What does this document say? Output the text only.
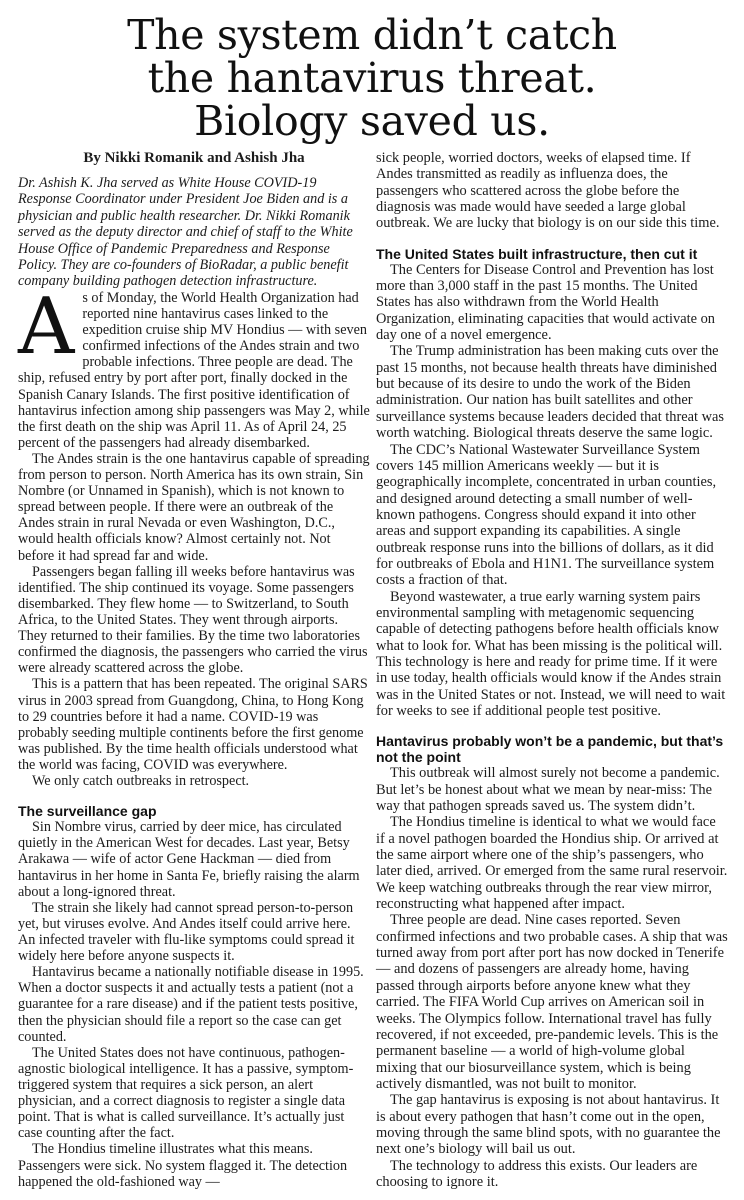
The system didn’t catch
the hantavirus threat.
Biology saved us.
By Nikki Romanik and Ashish Jha

Dr. Ashish K. Jha served as White House COVID-19 Response Coordinator under President Joe Biden and is a physician and public health researcher. Dr. Nikki Romanik served as the deputy director and chief of staff to the White House Office of Pandemic Preparedness and Response Policy. They are co-founders of BioRadar, a public benefit company building pathogen detection infrastructure.

As of Monday, the World Health Organization had reported nine hantavirus cases linked to the expedition cruise ship MV Hondius — with seven confirmed infections of the Andes strain and two probable infections. Three people are dead. The ship, refused entry by port after port, finally docked in the Spanish Canary Islands. The first positive identification of hantavirus infection among ship passengers was May 2, while the first death on the ship was April 11. As of April 24, 25 percent of the passengers had already disembarked.

The Andes strain is the one hantavirus capable of spreading from person to person. North America has its own strain, Sin Nombre (or Unnamed in Spanish), which is not known to spread between people. If there were an outbreak of the Andes strain in rural Nevada or even Washington, D.C., would health officials know? Almost certainly not. Not before it had spread far and wide.

Passengers began falling ill weeks before hantavirus was identified. The ship continued its voyage. Some passengers disembarked. They flew home — to Switzerland, to South Africa, to the United States. They went through airports. They returned to their families. By the time two laboratories confirmed the diagnosis, the passengers who carried the virus were already scattered across the globe.

This is a pattern that has been repeated. The original SARS virus in 2003 spread from Guangdong, China, to Hong Kong to 29 countries before it had a name. COVID-19 was probably seeding multiple continents before the first genome was published. By the time health officials understood what the world was facing, COVID was everywhere.

We only catch outbreaks in retrospect.

The surveillance gap

Sin Nombre virus, carried by deer mice, has circulated quietly in the American West for decades. Last year, Betsy Arakawa — wife of actor Gene Hackman — died from hantavirus in her home in Santa Fe, briefly raising the alarm about a long-ignored threat.

The strain she likely had cannot spread person-to-person yet, but viruses evolve. And Andes itself could arrive here. An infected traveler with flu-like symptoms could spread it widely here before anyone suspects it.

Hantavirus became a nationally notifiable disease in 1995. When a doctor suspects it and actually tests a patient (not a guarantee for a rare disease) and if the patient tests positive, then the physician should file a report so the case can get counted.

The United States does not have continuous, pathogen-agnostic biological intelligence. It has a passive, symptom-triggered system that requires a sick person, an alert physician, and a correct diagnosis to register a single data point. That is what is called surveillance. It’s actually just case counting after the fact.

The Hondius timeline illustrates what this means. Passengers were sick. No system flagged it. The detection happened the old-fashioned way —

sick people, worried doctors, weeks of elapsed time. If Andes transmitted as readily as influenza does, the passengers who scattered across the globe before the diagnosis was made would have seeded a large global outbreak. We are lucky that biology is on our side this time.

The United States built infrastructure, then cut it

The Centers for Disease Control and Prevention has lost more than 3,000 staff in the past 15 months. The United States has also withdrawn from the World Health Organization, eliminating capacities that would activate on day one of a novel emergence.

The Trump administration has been making cuts over the past 15 months, not because health threats have diminished but because of its desire to undo the work of the Biden administration. Our nation has built satellites and other surveillance systems because leaders decided that threat was worth watching. Biological threats deserve the same logic.

The CDC’s National Wastewater Surveillance System covers 145 million Americans weekly — but it is geographically incomplete, concentrated in urban counties, and designed around detecting a small number of well-known pathogens. Congress should expand it into other areas and support expanding its capabilities. A single outbreak response runs into the billions of dollars, as it did for outbreaks of Ebola and H1N1. The surveillance system costs a fraction of that.

Beyond wastewater, a true early warning system pairs environmental sampling with metagenomic sequencing capable of detecting pathogens before health officials know what to look for. What has been missing is the political will. This technology is here and ready for prime time. If it were in use today, health officials would know if the Andes strain was in the United States or not. Instead, we will need to wait for weeks to see if additional people test positive.

Hantavirus probably won’t be a pandemic, but that’s not the point

This outbreak will almost surely not become a pandemic. But let’s be honest about what we mean by near-miss: The way that pathogen spreads saved us. The system didn’t.

The Hondius timeline is identical to what we would face if a novel pathogen boarded the Hondius ship. Or arrived at the same airport where one of the ship’s passengers, who later died, arrived. Or emerged from the same rural reservoir. We keep watching outbreaks through the rear view mirror, reconstructing what happened after impact.

Three people are dead. Nine cases reported. Seven confirmed infections and two probable cases. A ship that was turned away from port after port has now docked in Tenerife — and dozens of passengers are already home, having passed through airports before anyone knew what they carried. The FIFA World Cup arrives on American soil in weeks. The Olympics follow. International travel has fully recovered, if not exceeded, pre-pandemic levels. This is the permanent baseline — a world of high-volume global mixing that our biosurveillance system, which is being actively dismantled, was not built to monitor.

The gap hantavirus is exposing is not about hantavirus. It is about every pathogen that hasn’t come out in the open, moving through the same blind spots, with no guarantee the next one’s biology will bail us out.

The technology to address this exists. Our leaders are choosing to ignore it.
